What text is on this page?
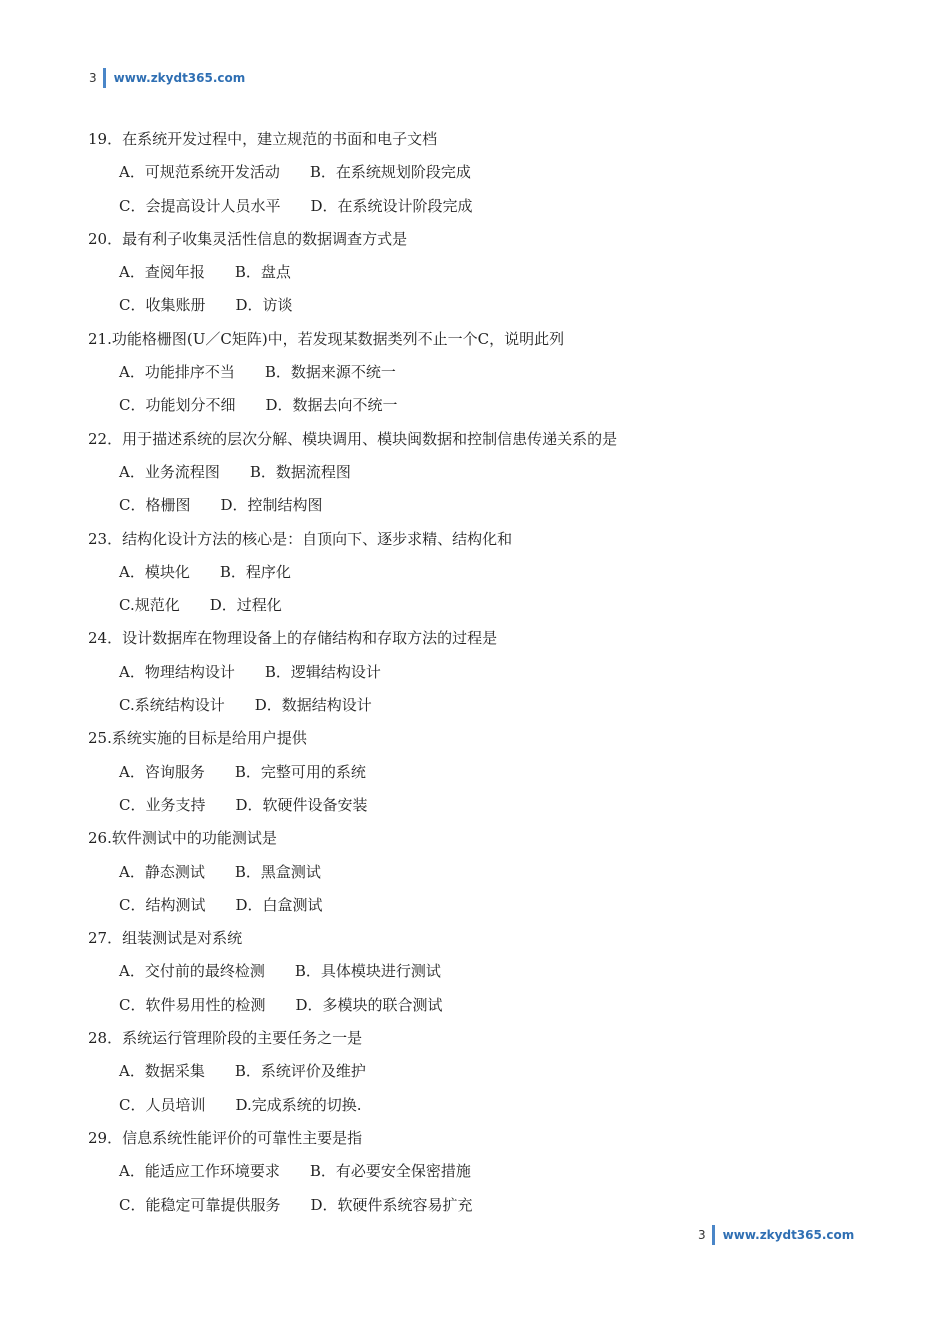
3 www.zkydt365.com
19．在系统开发过程中，建立规范的书面和电子文档
A．可规范系统开发活动 B．在系统规划阶段完成
C．会提高设计人员水平 D．在系统设计阶段完成
20．最有利子收集灵活性信息的数据调查方式是
A．查阅年报 B．盘点
C．收集账册 D．访谈
21.功能格栅图(U／C矩阵)中，若发现某数据类列不止一个C，说明此列
A．功能排序不当 B．数据来源不统一
C．功能划分不细 D．数据去向不统一
22．用于描述系统的层次分解、模块调用、模块闽数据和控制信患传递关系的是
A．业务流程图 B．数据流程图
C．格栅图 D．控制结构图
23．结构化设计方法的核心是：自顶向下、逐步求精、结构化和
A．模块化 B．程序化
C.规范化 D．过程化
24．设计数据库在物理设备上的存储结构和存取方法的过程是
A．物理结构设计 B．逻辑结构设计
C.系统结构设计 D．数据结构设计
25.系统实施的目标是给用户提供
A．咨询服务 B．完整可用的系统
C．业务支持 D．软硬件设备安装
26.软件测试中的功能测试是
A．静态测试 B．黑盒测试
C．结构测试 D．白盒测试
27．组装测试是对系统
A．交付前的最终检测 B．具体模块进行测试
C．软件易用性的检测 D．多模块的联合测试
28．系统运行管理阶段的主要任务之一是
A．数据采集 B．系统评价及维护
C．人员培训 D.完成系统的切换.
29．信息系统性能评价的可靠性主要是指
A．能适应工作环境要求 B．有必要安全保密措施
C．能稳定可靠提供服务 D．软硬件系统容易扩充
3 www.zkydt365.com
